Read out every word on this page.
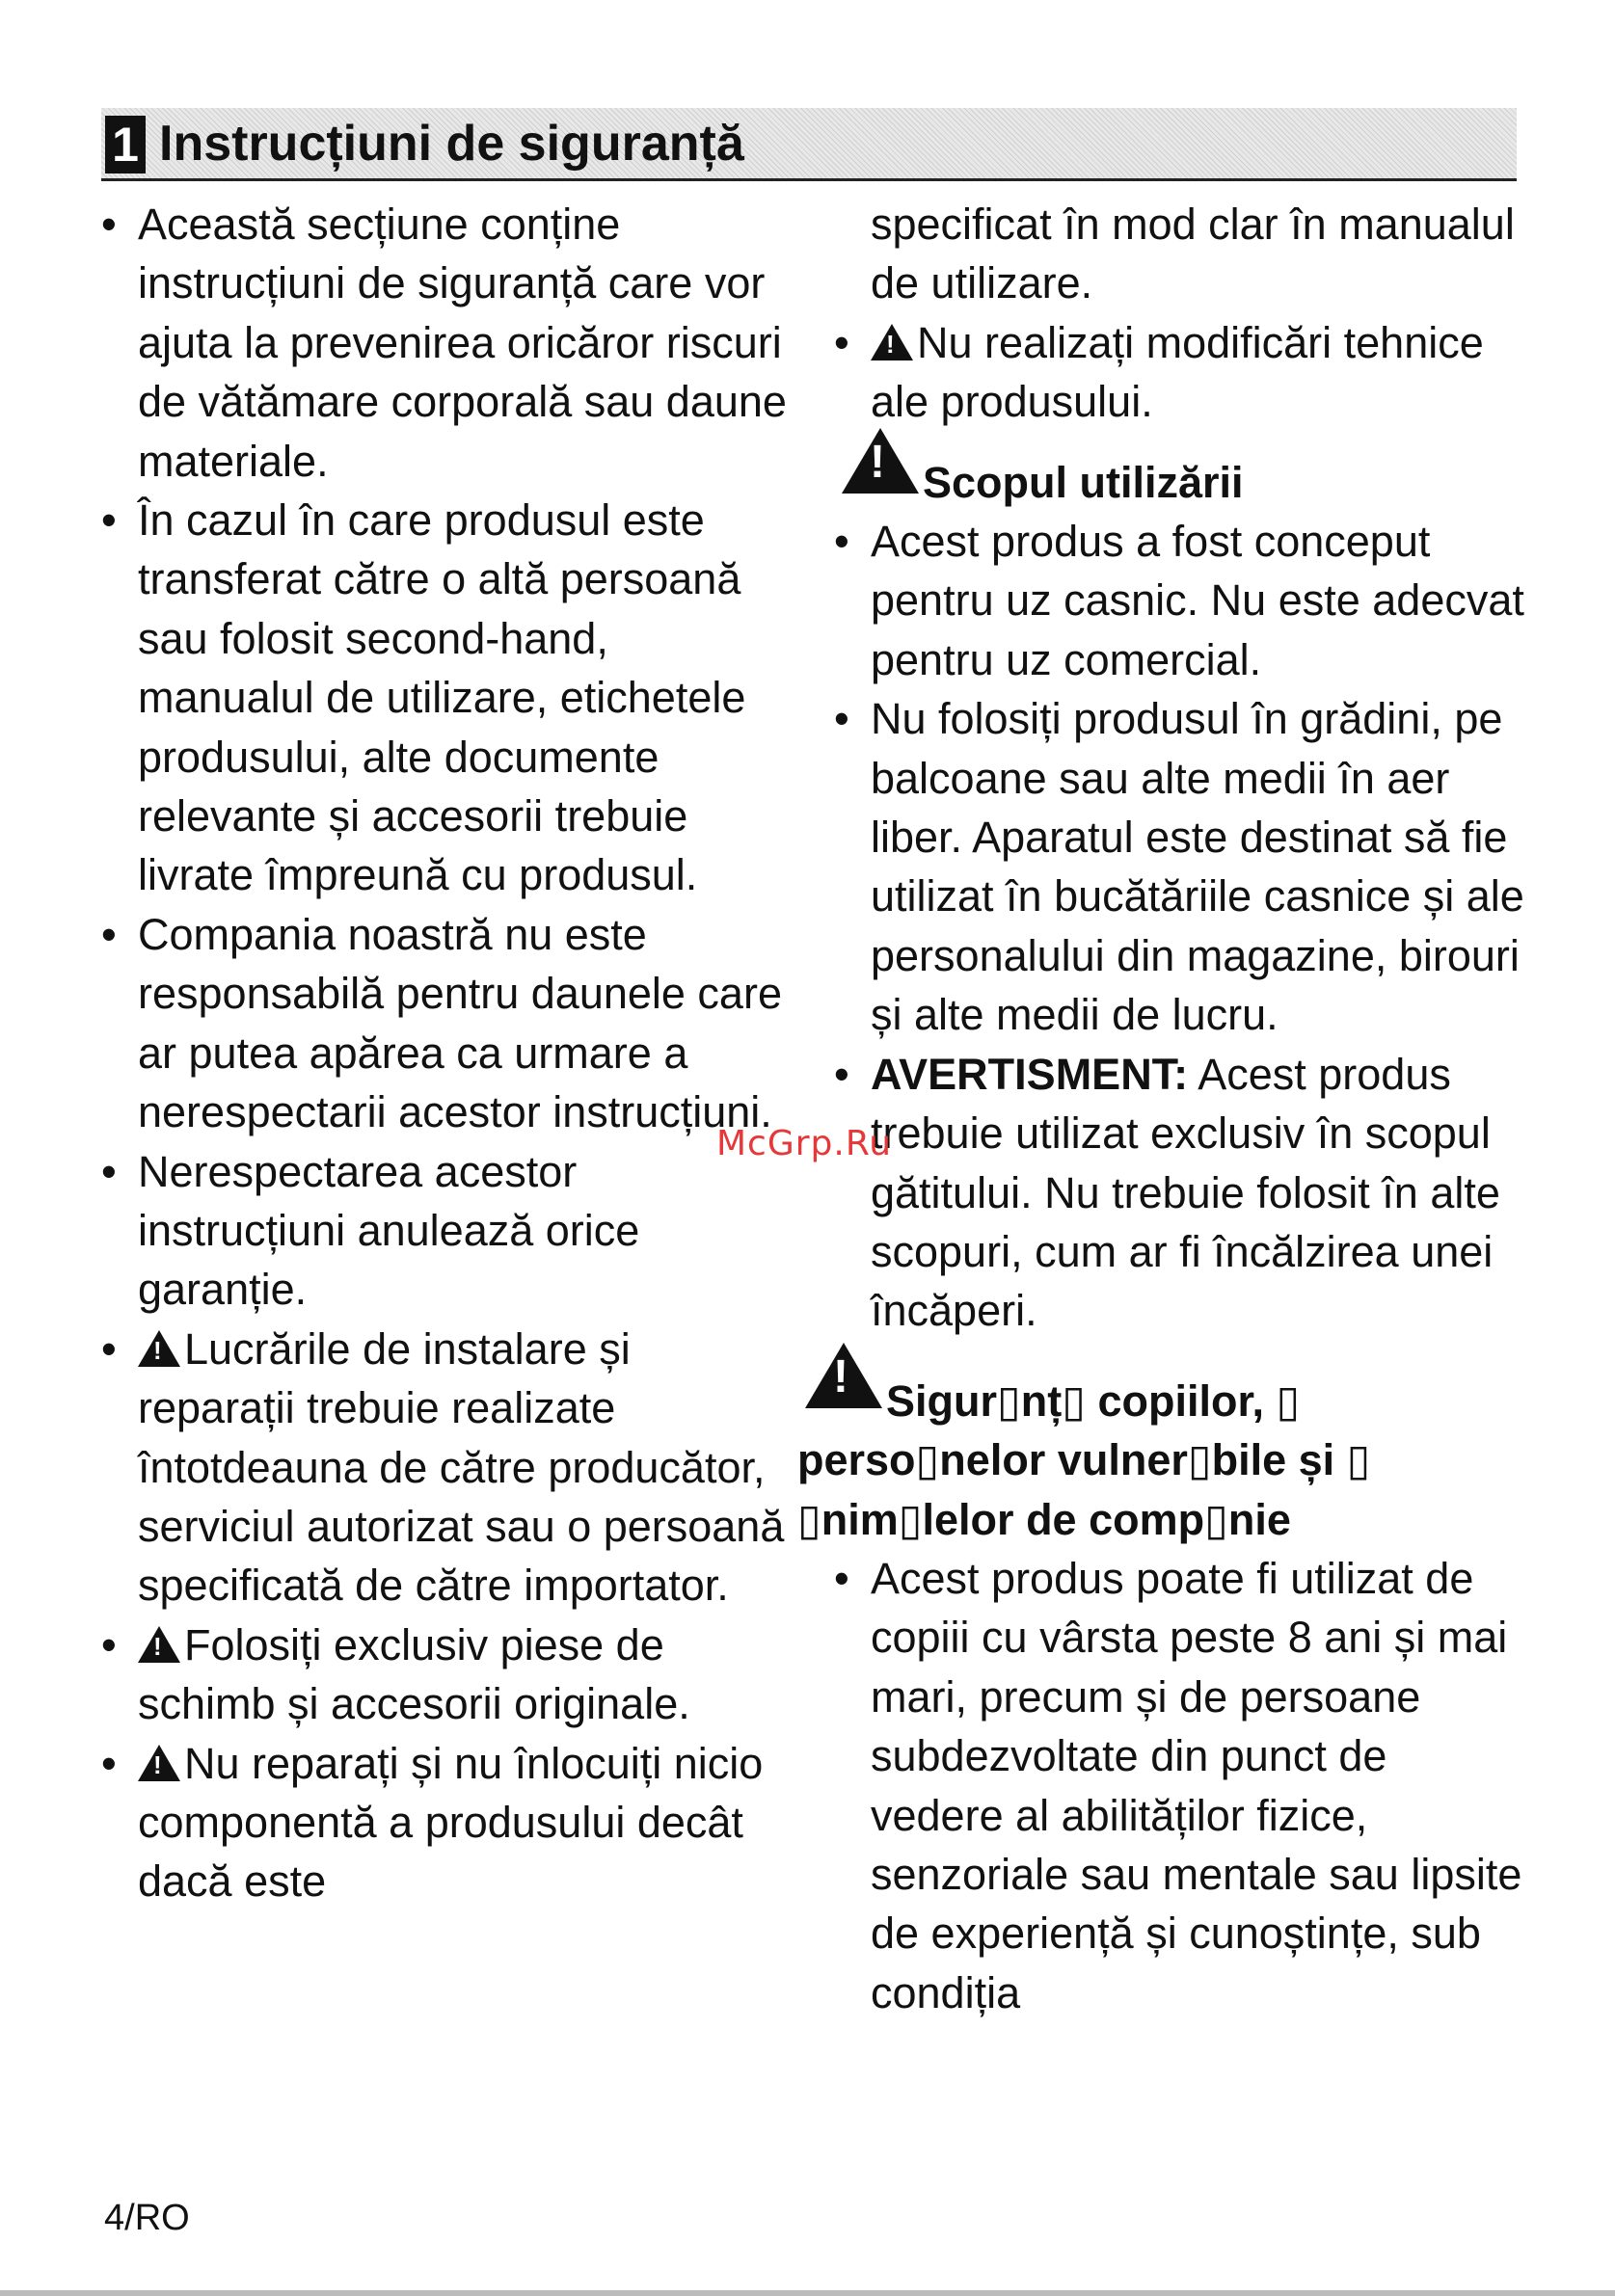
1 Instrucțiuni de siguranță
• Această secțiune conține instrucțiuni de siguranță care vor ajuta la prevenirea oricăror riscuri de vătămare corporală sau daune materiale.
• În cazul în care produsul este transferat către o altă persoană sau folosit second-hand, manualul de utilizare, etichetele produsului, alte documente relevante și accesorii trebuie livrate împreună cu produsul.
• Compania noastră nu este responsabilă pentru daunele care ar putea apărea ca urmare a nerespectarii acestor instrucțiuni.
• Nerespectarea acestor instrucțiuni anulează orice garanție.
!• Lucrările de instalare și reparații trebuie realizate întotdeauna de către producător, serviciul autorizat sau o persoană specificată de către importator.
!• Folosiți exclusiv piese de schimb și accesorii originale.
!• Nu reparați și nu înlocuiți nicio componentă a produsului decât dacă este
specificat în mod clar în manualul de utilizare.
!• Nu realizați modificări tehnice ale produsului.
!
Scopul utilizării
• Acest produs a fost conceput pentru uz casnic. Nu este adecvat pentru uz comercial.
• Nu folosiți produsul în grădini, pe balcoane sau alte medii în aer liber. Aparatul este destinat să fie utilizat în bucătăriile casnice și ale personalului din magazine, birouri și alte medii de lucru.
• AVERTISMENT: Acest produs trebuie utilizat exclusiv în scopul gătitului. Nu trebuie folosit în alte scopuri, cum ar fi încălzirea unei încăperi.
!
Sigur▯nț▯ copiilor, ▯ perso▯nelor vulner▯bile și ▯ ▯nim▯lelor de comp▯nie
• Acest produs poate fi utilizat de copiii cu vârsta peste 8 ani și mai mari, precum și de persoane subdezvoltate din punct de vedere al abilităților fizice, senzoriale sau mentale sau lipsite de experiență și cunoștințe, sub condiția
McGrp.Ru
4/RO
